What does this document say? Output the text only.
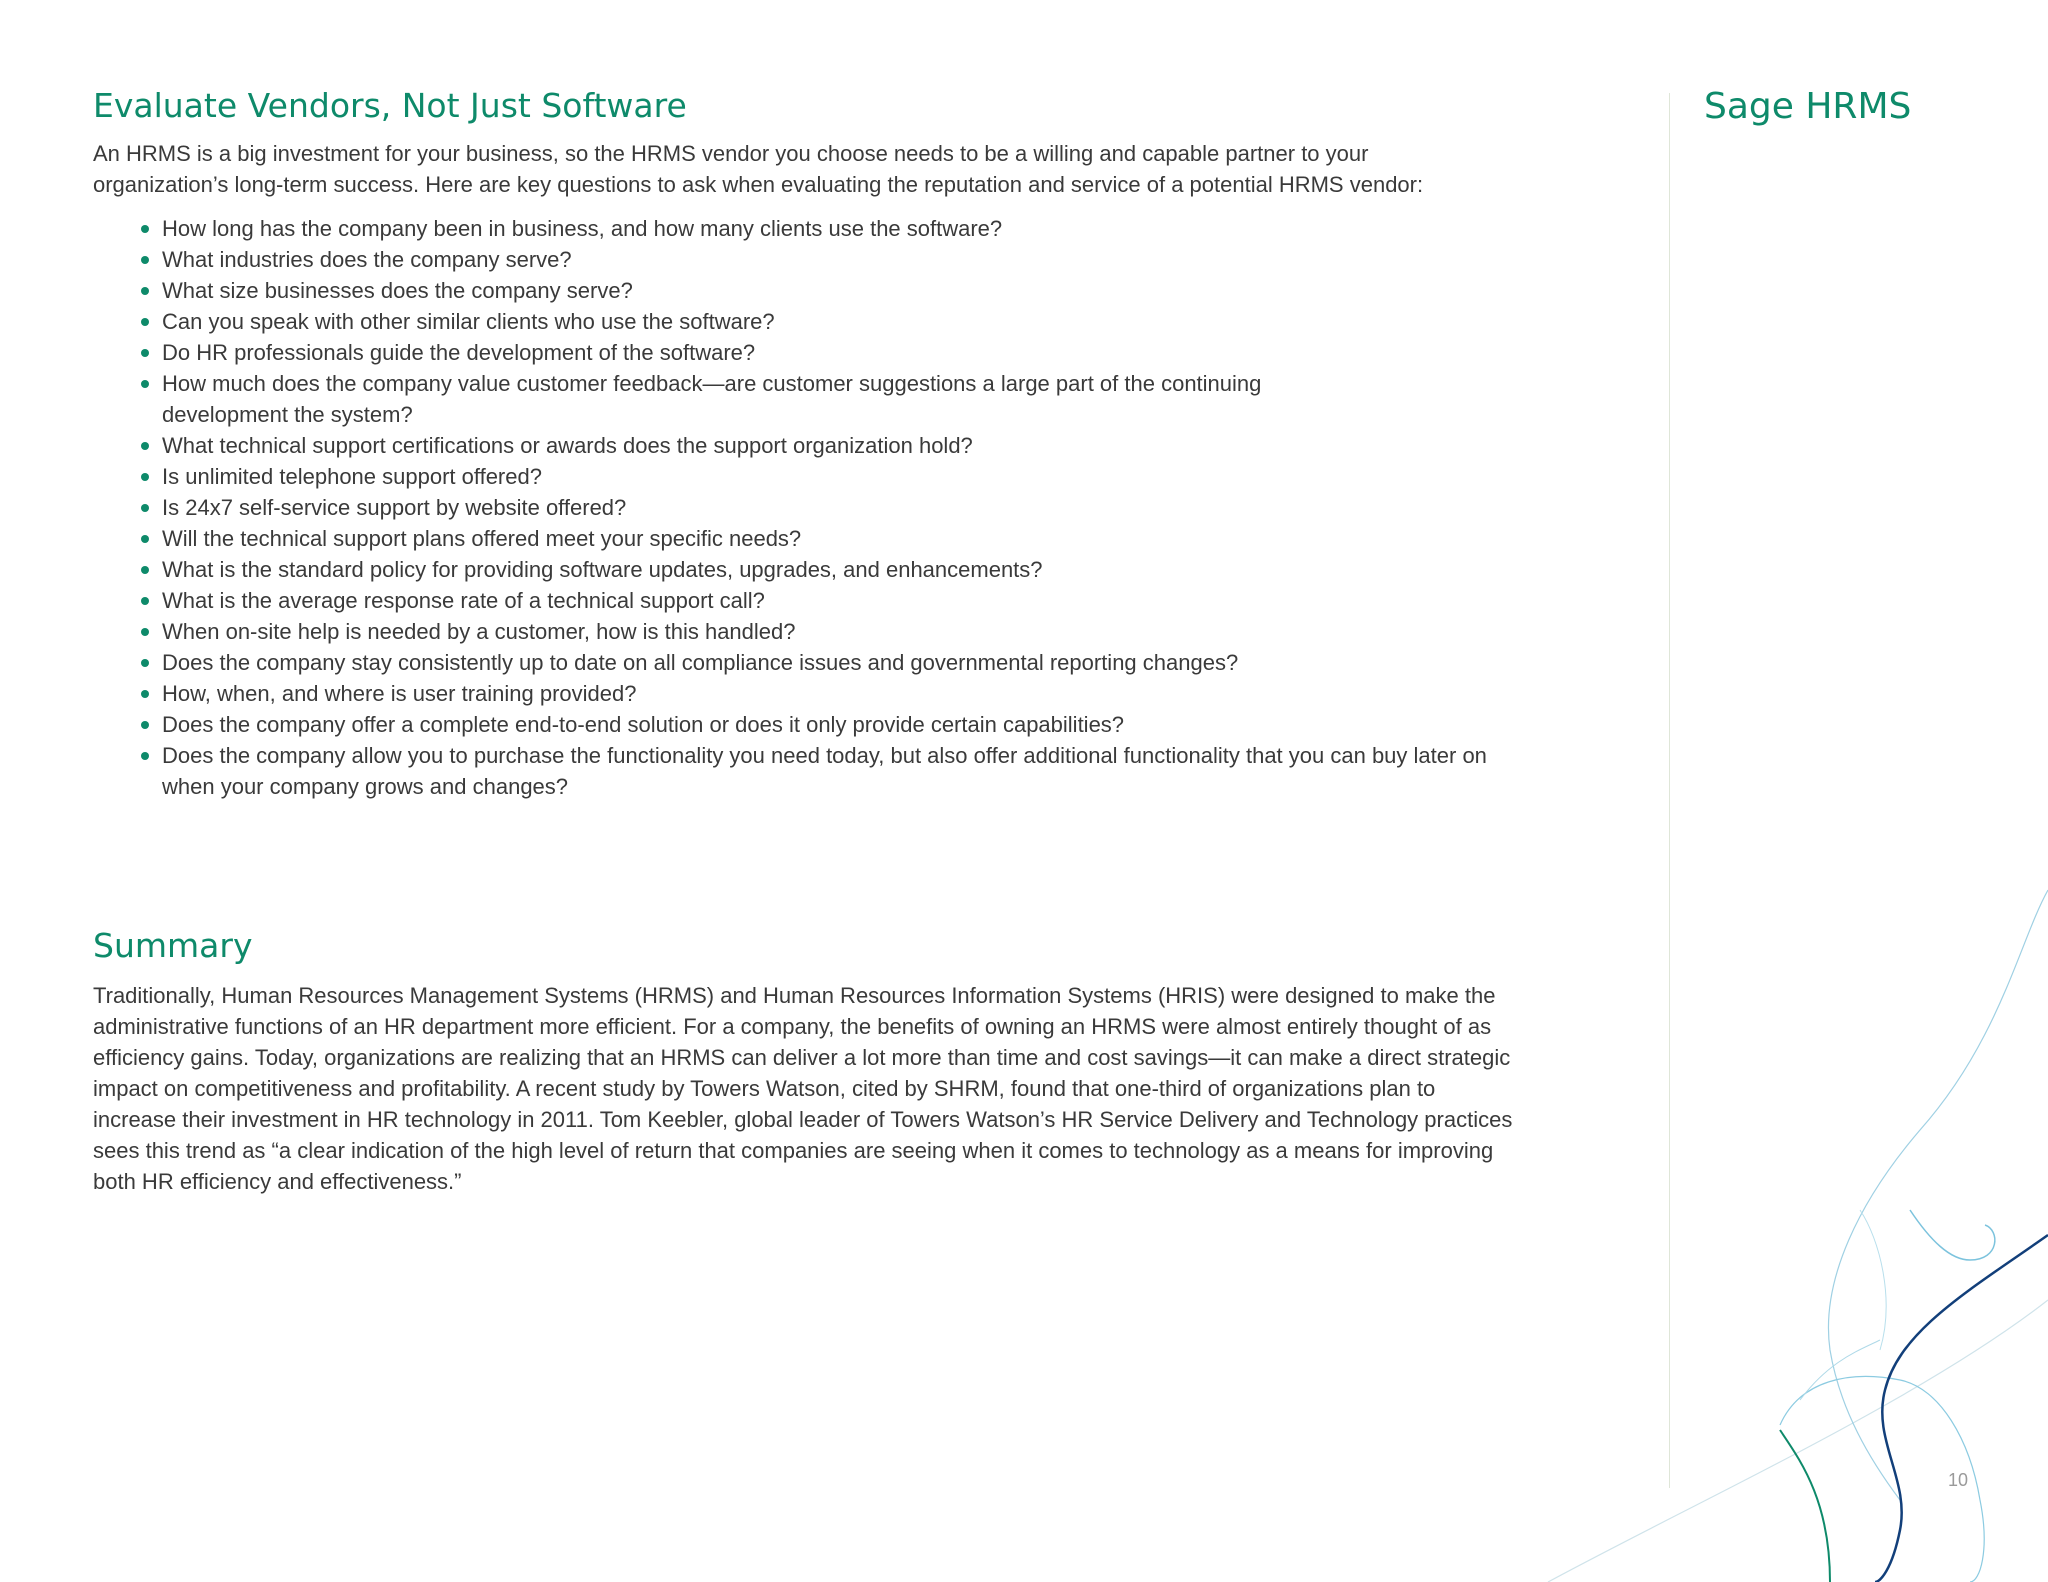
Evaluate Vendors, Not Just Software

An HRMS is a big investment for your business, so the HRMS vendor you choose needs to be a willing and capable partner to your organization’s long-term success. Here are key questions to ask when evaluating the reputation and service of a potential HRMS vendor:

How long has the company been in business, and how many clients use the software?
What industries does the company serve?
What size businesses does the company serve?
Can you speak with other similar clients who use the software?
Do HR professionals guide the development of the software?
How much does the company value customer feedback—are customer suggestions a large part of the continuing development the system?
What technical support certifications or awards does the support organization hold?
Is unlimited telephone support offered?
Is 24x7 self-service support by website offered?
Will the technical support plans offered meet your specific needs?
What is the standard policy for providing software updates, upgrades, and enhancements?
What is the average response rate of a technical support call?
When on-site help is needed by a customer, how is this handled?
Does the company stay consistently up to date on all compliance issues and governmental reporting changes?
How, when, and where is user training provided?
Does the company offer a complete end-to-end solution or does it only provide certain capabilities?
Does the company allow you to purchase the functionality you need today, but also offer additional functionality that you can buy later on when your company grows and changes?
Summary

Traditionally, Human Resources Management Systems (HRMS) and Human Resources Information Systems (HRIS) were designed to make the administrative functions of an HR department more efficient. For a company, the benefits of owning an HRMS were almost entirely thought of as efficiency gains. Today, organizations are realizing that an HRMS can deliver a lot more than time and cost savings—it can make a direct strategic impact on competitiveness and profitability. A recent study by Towers Watson, cited by SHRM, found that one-third of organizations plan to increase their investment in HR technology in 2011. Tom Keebler, global leader of Towers Watson’s HR Service Delivery and Technology practices sees this trend as “a clear indication of the high level of return that companies are seeing when it comes to technology as a means for improving both HR efficiency and effectiveness.”

Sage HRMS
10
